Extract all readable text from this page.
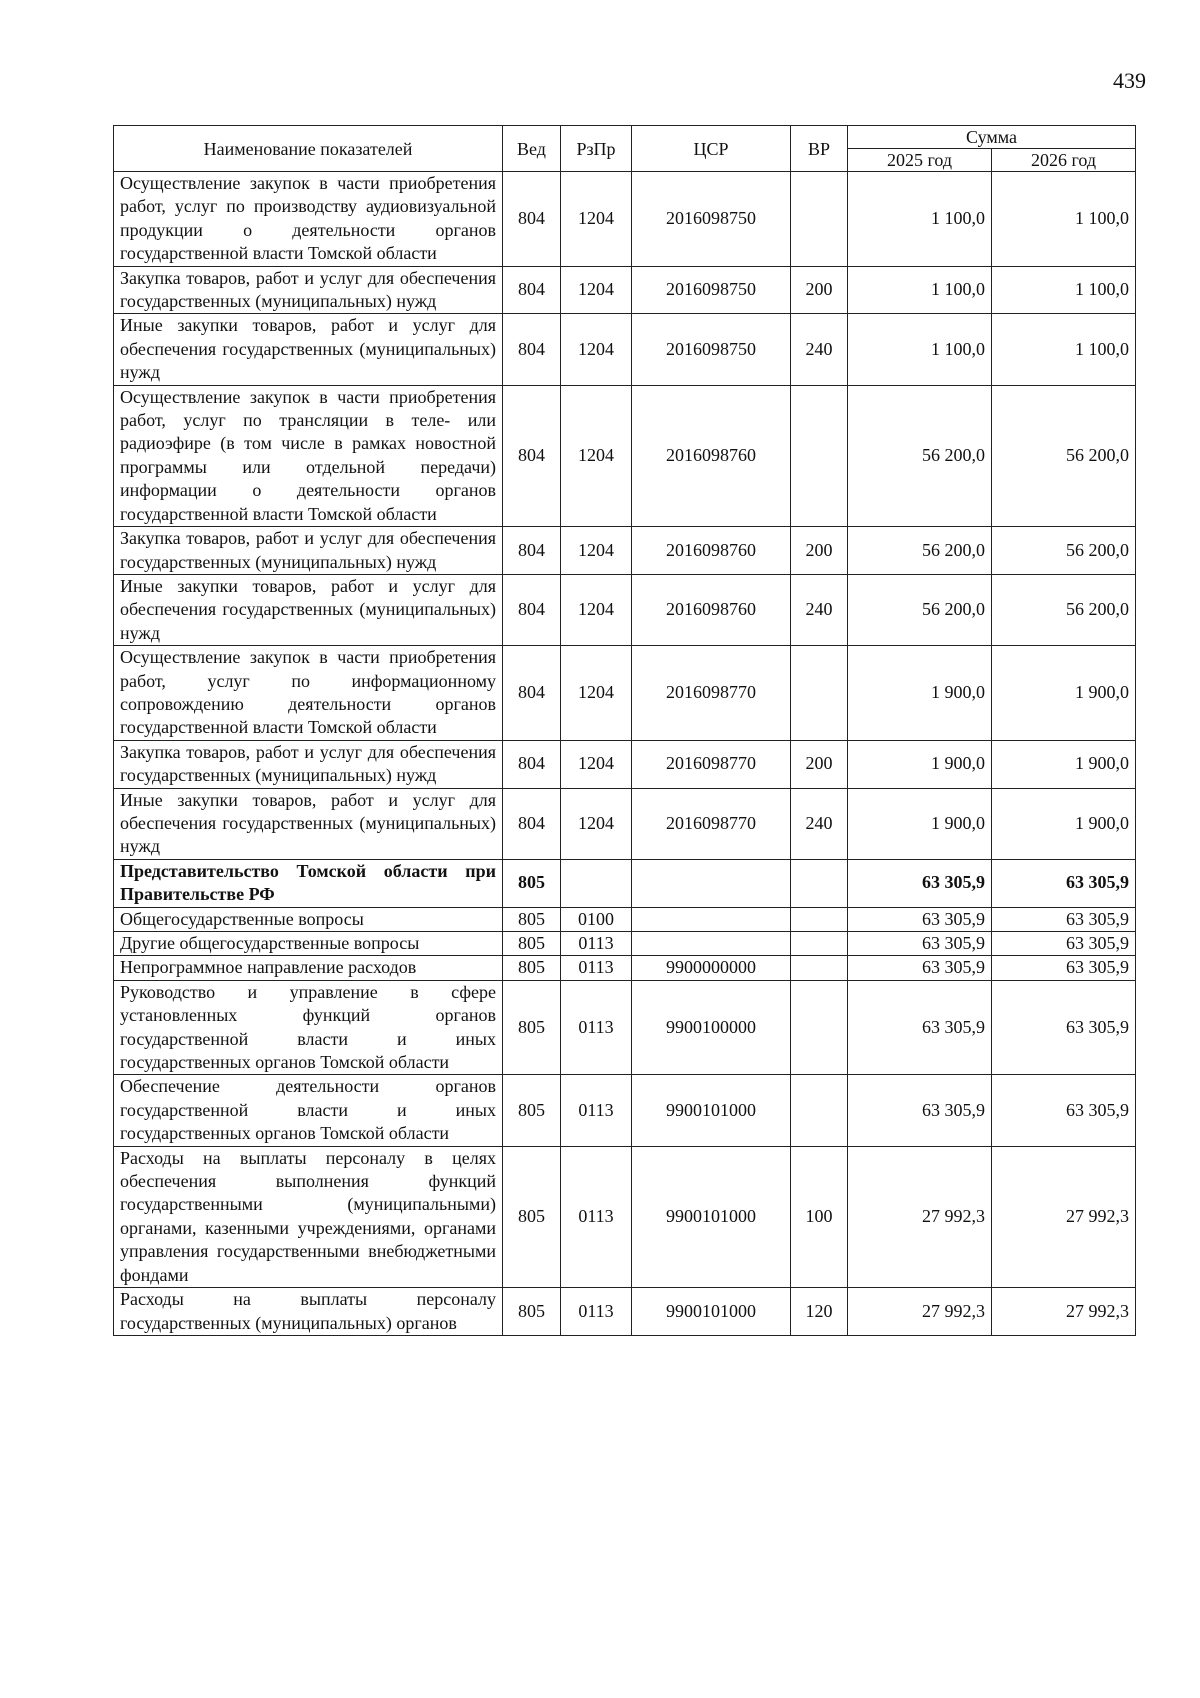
439
Наименование показателей	Вед	РзПр	ЦСР	ВР	Сумма	
					2025 год	2026 год
Осуществление закупок в части приобретения работ, услуг по производству аудиовизуальной продукции о деятельности органов государственной власти Томской области	804	1204	2016098750		1 100,0	1 100,0
Закупка товаров, работ и услуг для обеспечения государственных (муниципальных) нужд	804	1204	2016098750	200	1 100,0	1 100,0
Иные закупки товаров, работ и услуг для обеспечения государственных (муниципальных) нужд	804	1204	2016098750	240	1 100,0	1 100,0
Осуществление закупок в части приобретения работ, услуг по трансляции в теле- или радиоэфире (в том числе в рамках новостной программы или отдельной передачи) информации о деятельности органов государственной власти Томской области	804	1204	2016098760		56 200,0	56 200,0
Закупка товаров, работ и услуг для обеспечения государственных (муниципальных) нужд	804	1204	2016098760	200	56 200,0	56 200,0
Иные закупки товаров, работ и услуг для обеспечения государственных (муниципальных) нужд	804	1204	2016098760	240	56 200,0	56 200,0
Осуществление закупок в части приобретения работ, услуг по информационному сопровождению деятельности органов государственной власти Томской области	804	1204	2016098770		1 900,0	1 900,0
Закупка товаров, работ и услуг для обеспечения государственных (муниципальных) нужд	804	1204	2016098770	200	1 900,0	1 900,0
Иные закупки товаров, работ и услуг для обеспечения государственных (муниципальных) нужд	804	1204	2016098770	240	1 900,0	1 900,0
Представительство Томской области при Правительстве РФ	805				63 305,9	63 305,9
Общегосударственные вопросы	805	0100			63 305,9	63 305,9
Другие общегосударственные вопросы	805	0113			63 305,9	63 305,9
Непрограммное направление расходов	805	0113	9900000000		63 305,9	63 305,9
Руководство и управление в сфере установленных функций органов государственной власти и иных государственных органов Томской области	805	0113	9900100000		63 305,9	63 305,9
Обеспечение деятельности органов государственной власти и иных государственных органов Томской области	805	0113	9900101000		63 305,9	63 305,9
Расходы на выплаты персоналу в целях обеспечения выполнения функций государственными (муниципальными) органами, казенными учреждениями, органами управления государственными внебюджетными фондами	805	0113	9900101000	100	27 992,3	27 992,3
Расходы на выплаты персоналу государственных (муниципальных) органов	805	0113	9900101000	120	27 992,3	27 992,3
